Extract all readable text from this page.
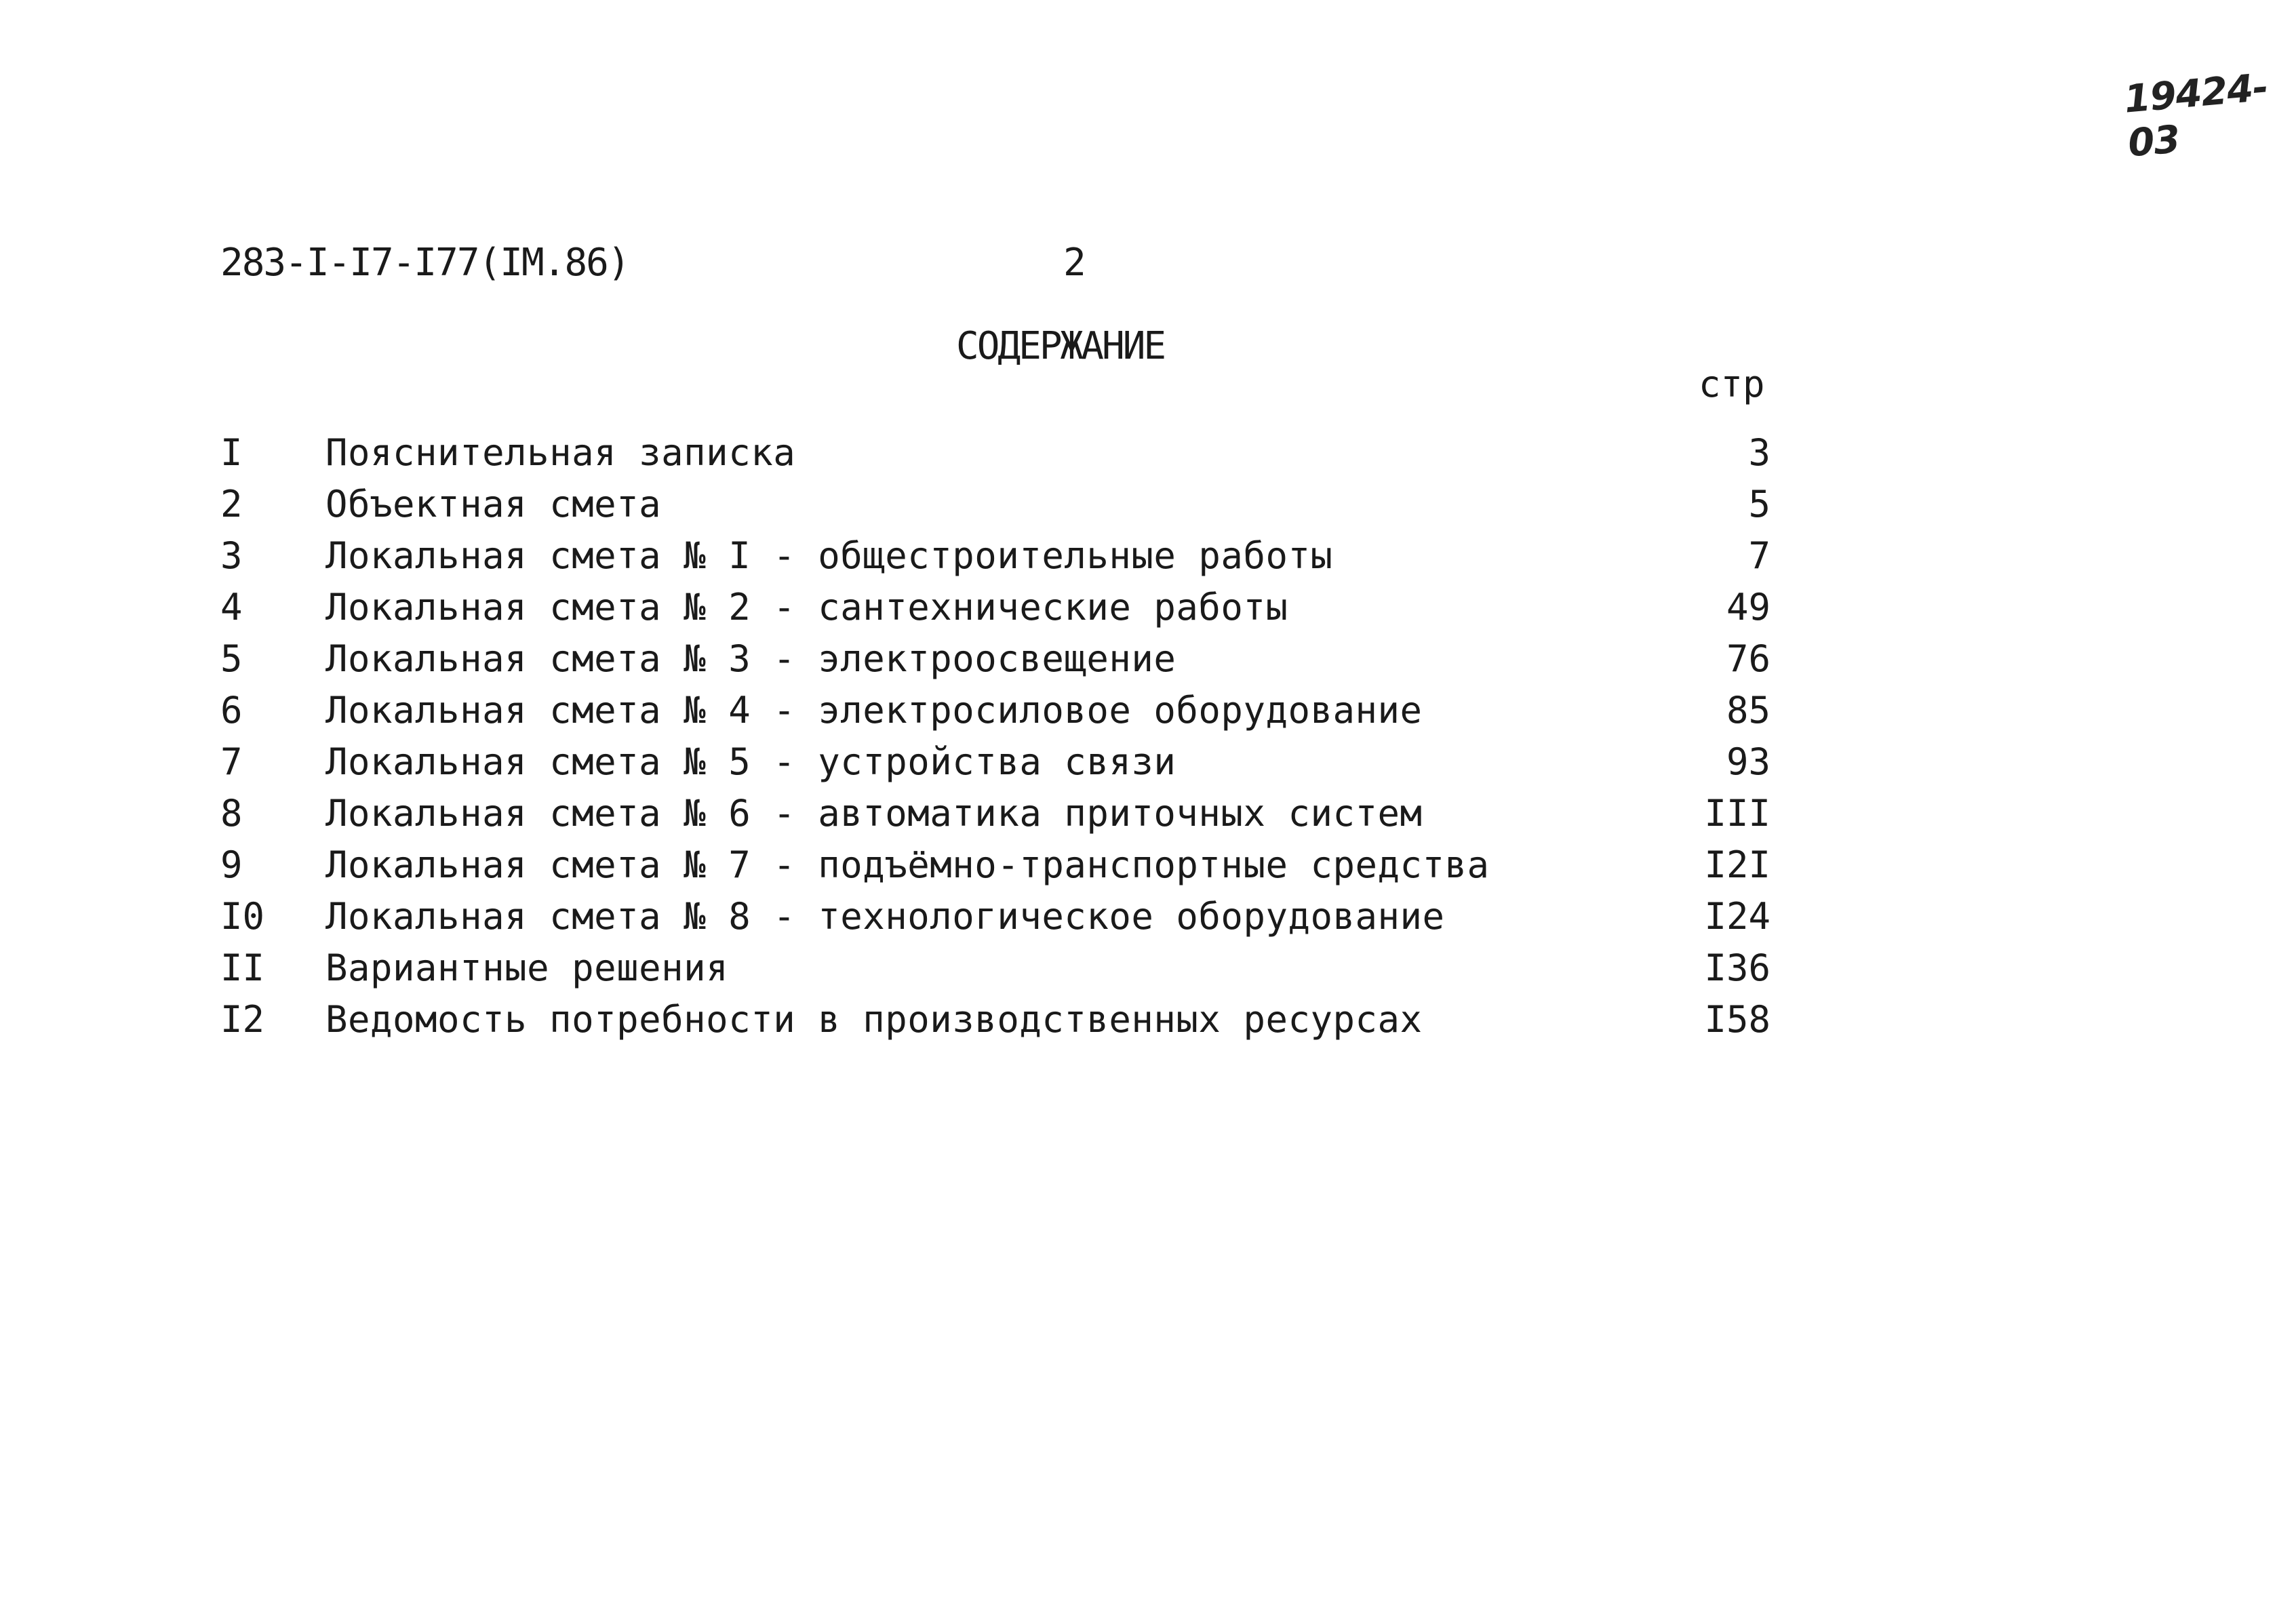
19424-03
283-I-I7-I77(IM.86)	2
СОДЕРЖАНИЕ
стр
I Пояснительная записка	3
2 Объектная смета	5
3 Локальная смета № I - общестроительные работы	7
4 Локальная смета № 2 - сантехнические работы	49
5 Локальная смета № 3 - электроосвещение	76
6 Локальная смета № 4 - электросиловое оборудование	85
7 Локальная смета № 5 - устройства связи	93
8 Локальная смета № 6 - автоматика приточных систем	III
9 Локальная смета № 7 - подъёмно-транспортные средства	I2I
I0 Локальная смета № 8 - технологическое оборудование	I24
II Вариантные решения	I36
I2 Ведомость потребности в производственных ресурсах	I58
